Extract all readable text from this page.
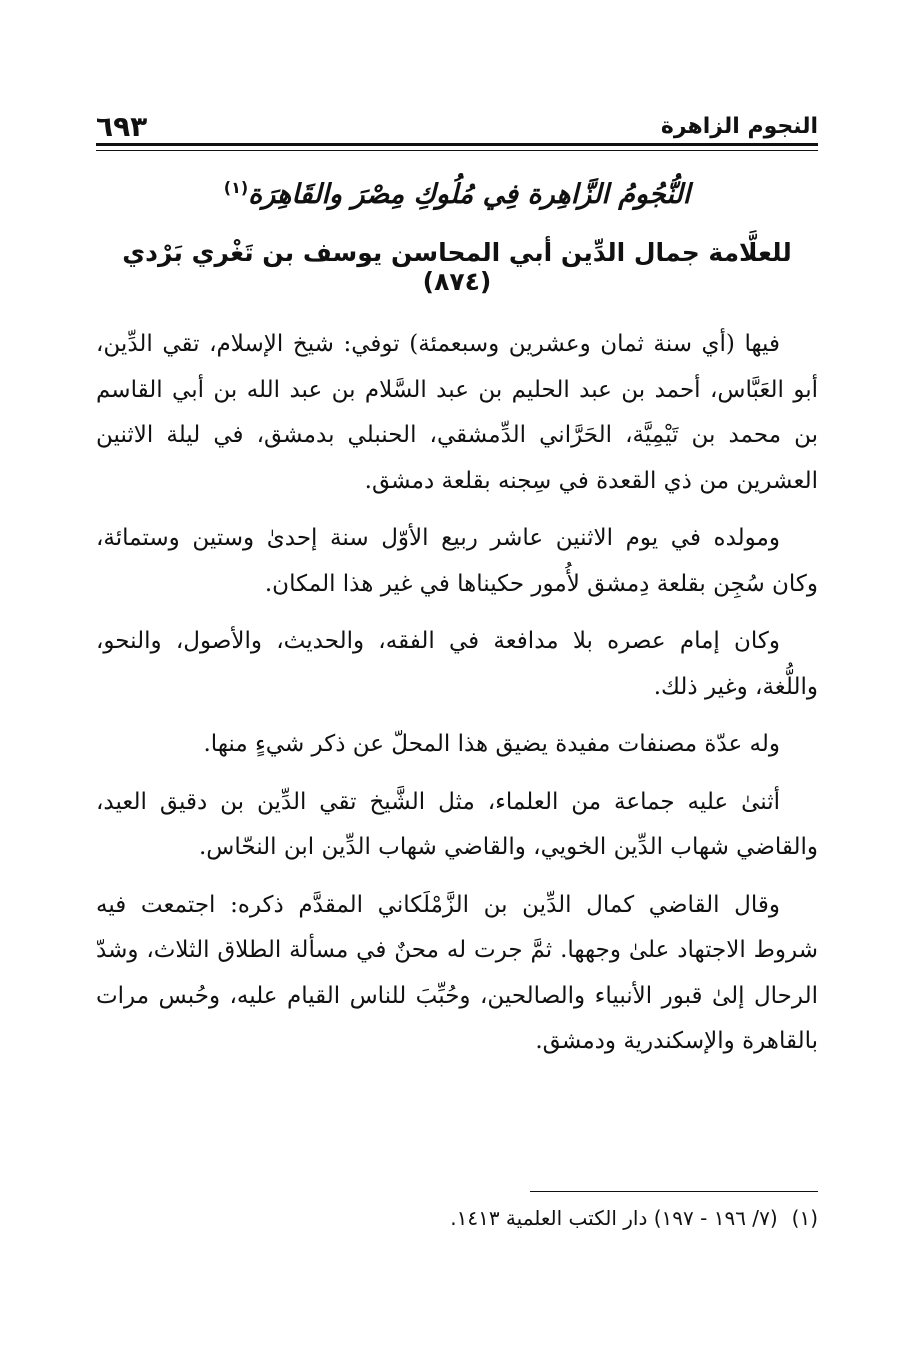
النجوم الزاهرة
٦٩٣
النُّجُومُ الزَّاهِرة فِي مُلُوكِ مِصْرَ والقَاهِرَة$^{(١)}$
للعلَّامة جمال الدِّين أبي المحاسن يوسف بن تَغْري بَرْدي (٨٧٤)

فيها (أي سنة ثمان وعشرين وسبعمئة) توفي: شيخ الإسلام، تقي الدِّين، أبو العَبَّاس، أحمد بن عبد الحليم بن عبد السَّلام بن عبد الله بن أبي القاسم بن محمد بن تَيْمِيَّة، الحَرَّاني الدِّمشقي، الحنبلي بدمشق، في ليلة الاثنين العشرين من ذي القعدة في سِجنه بقلعة دمشق.

ومولده في يوم الاثنين عاشر ربيع الأوّل سنة إحدىٰ وستين وستمائة، وكان سُجِن بقلعة دِمشق لأُمور حكيناها في غير هذا المكان.

وكان إمام عصره بلا مدافعة في الفقه، والحديث، والأصول، والنحو، واللُّغة، وغير ذلك.

وله عدّة مصنفات مفيدة يضيق هذا المحلّ عن ذكر شيءٍ منها.

أثنىٰ عليه جماعة من العلماء، مثل الشَّيخ تقي الدِّين بن دقيق العيد، والقاضي شهاب الدِّين الخويي، والقاضي شهاب الدِّين ابن النحّاس.

وقال القاضي كمال الدِّين بن الزَّمْلَكاني المقدَّم ذكره: اجتمعت فيه شروط الاجتهاد علىٰ وجهها. ثمَّ جرت له محنٌ في مسألة الطلاق الثلاث، وشدّ الرحال إلىٰ قبور الأنبياء والصالحين، وحُبِّبَ للناس القيام عليه، وحُبس مرات بالقاهرة والإسكندرية ودمشق.

(١)(٧/ ١٩٦ - ١٩٧) دار الكتب العلمية ١٤١٣.
